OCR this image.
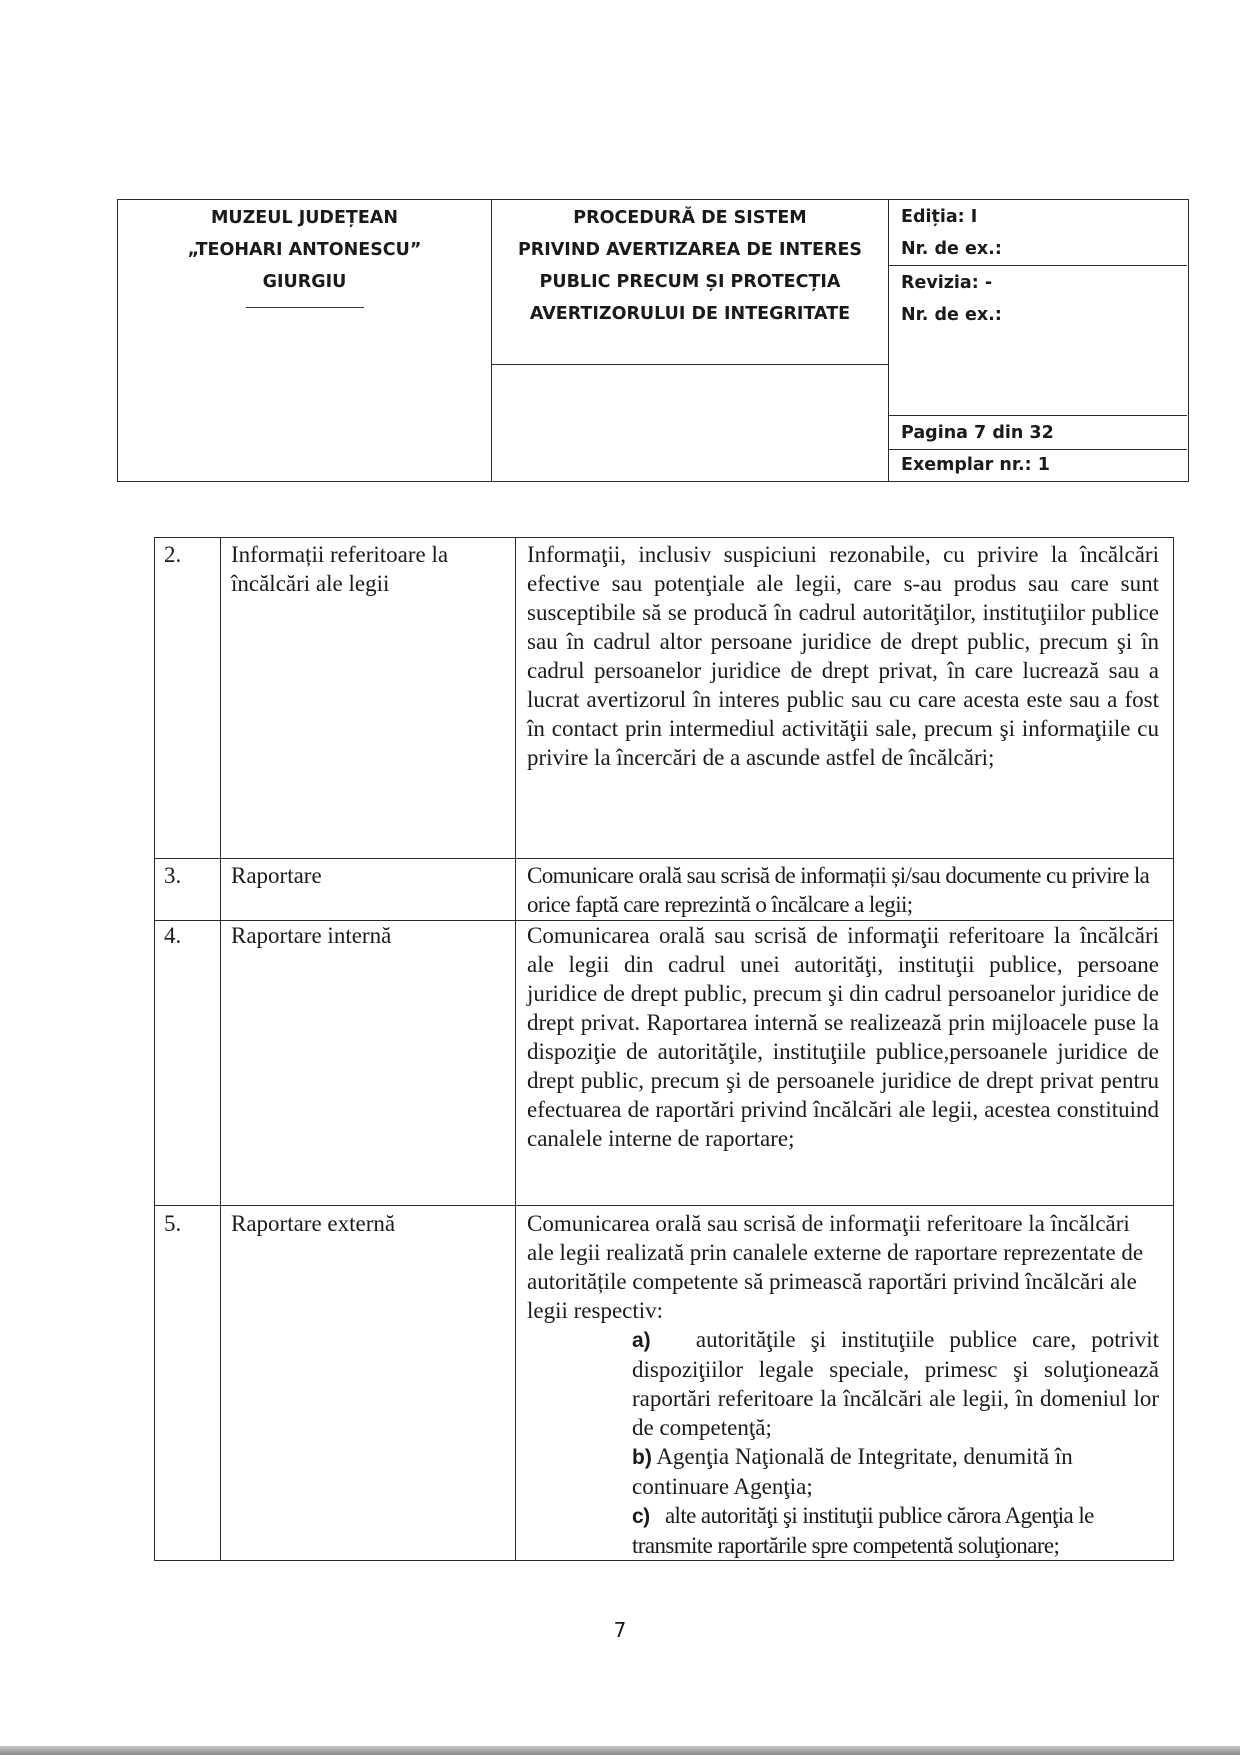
MUZEUL JUDEȚEAN
„TEOHARI ANTONESCU”
GIURGIU
PROCEDURĂ DE SISTEM
PRIVIND AVERTIZAREA DE INTERES
PUBLIC PRECUM ȘI PROTECȚIA
AVERTIZORULUI DE INTEGRITATE
Ediția: I
Nr. de ex.:
Revizia: -
Nr. de ex.:
Pagina 7 din 32
Exemplar nr.: 1
2.	Informații referitoare la încălcări ale legii	Informaţii, inclusiv suspiciuni rezonabile, cu privire la încălcări efective sau potenţiale ale legii, care s-au produs sau care sunt susceptibile să se producă în cadrul autorităţilor, instituţiilor publice sau în cadrul altor persoane juridice de drept public, precum şi în cadrul persoanelor juridice de drept privat, în care lucrează sau a lucrat avertizorul în interes public sau cu care acesta este sau a fost în contact prin intermediul activităţii sale, precum şi informaţiile cu privire la încercări de a ascunde astfel de încălcări;
3.	Raportare	Comunicare orală sau scrisă de informații și/sau documente cu privire la orice faptă care reprezintă o încălcare a legii;
4.	Raportare internă	Comunicarea orală sau scrisă de informaţii referitoare la încălcări ale legii din cadrul unei autorităţi, instituţii publice, persoane juridice de drept public, precum şi din cadrul persoanelor juridice de drept privat. Raportarea internă se realizează prin mijloacele puse la dispoziţie de autorităţile, instituţiile publice,persoanele juridice de drept public, precum şi de persoanele juridice de drept privat pentru efectuarea de raportări privind încălcări ale legii, acestea constituind canalele interne de raportare;
5.	Raportare externă	Comunicarea orală sau scrisă de informaţii referitoare la încălcări ale legii realizată prin canalele externe de raportare reprezentate de autoritățile competente să primească raportări privind încălcări ale legii respectiv:
a) autorităţile şi instituţiile publice care, potrivit dispoziţiilor legale speciale, primesc şi soluţionează raportări referitoare la încălcări ale legii, în domeniul lor de competenţă;
b) Agenţia Naţională de Integritate, denumită în continuare Agenţia;
c) alte autorităţi şi instituţii publice cărora Agenţia le transmite raportările spre competentă soluţionare;
7
